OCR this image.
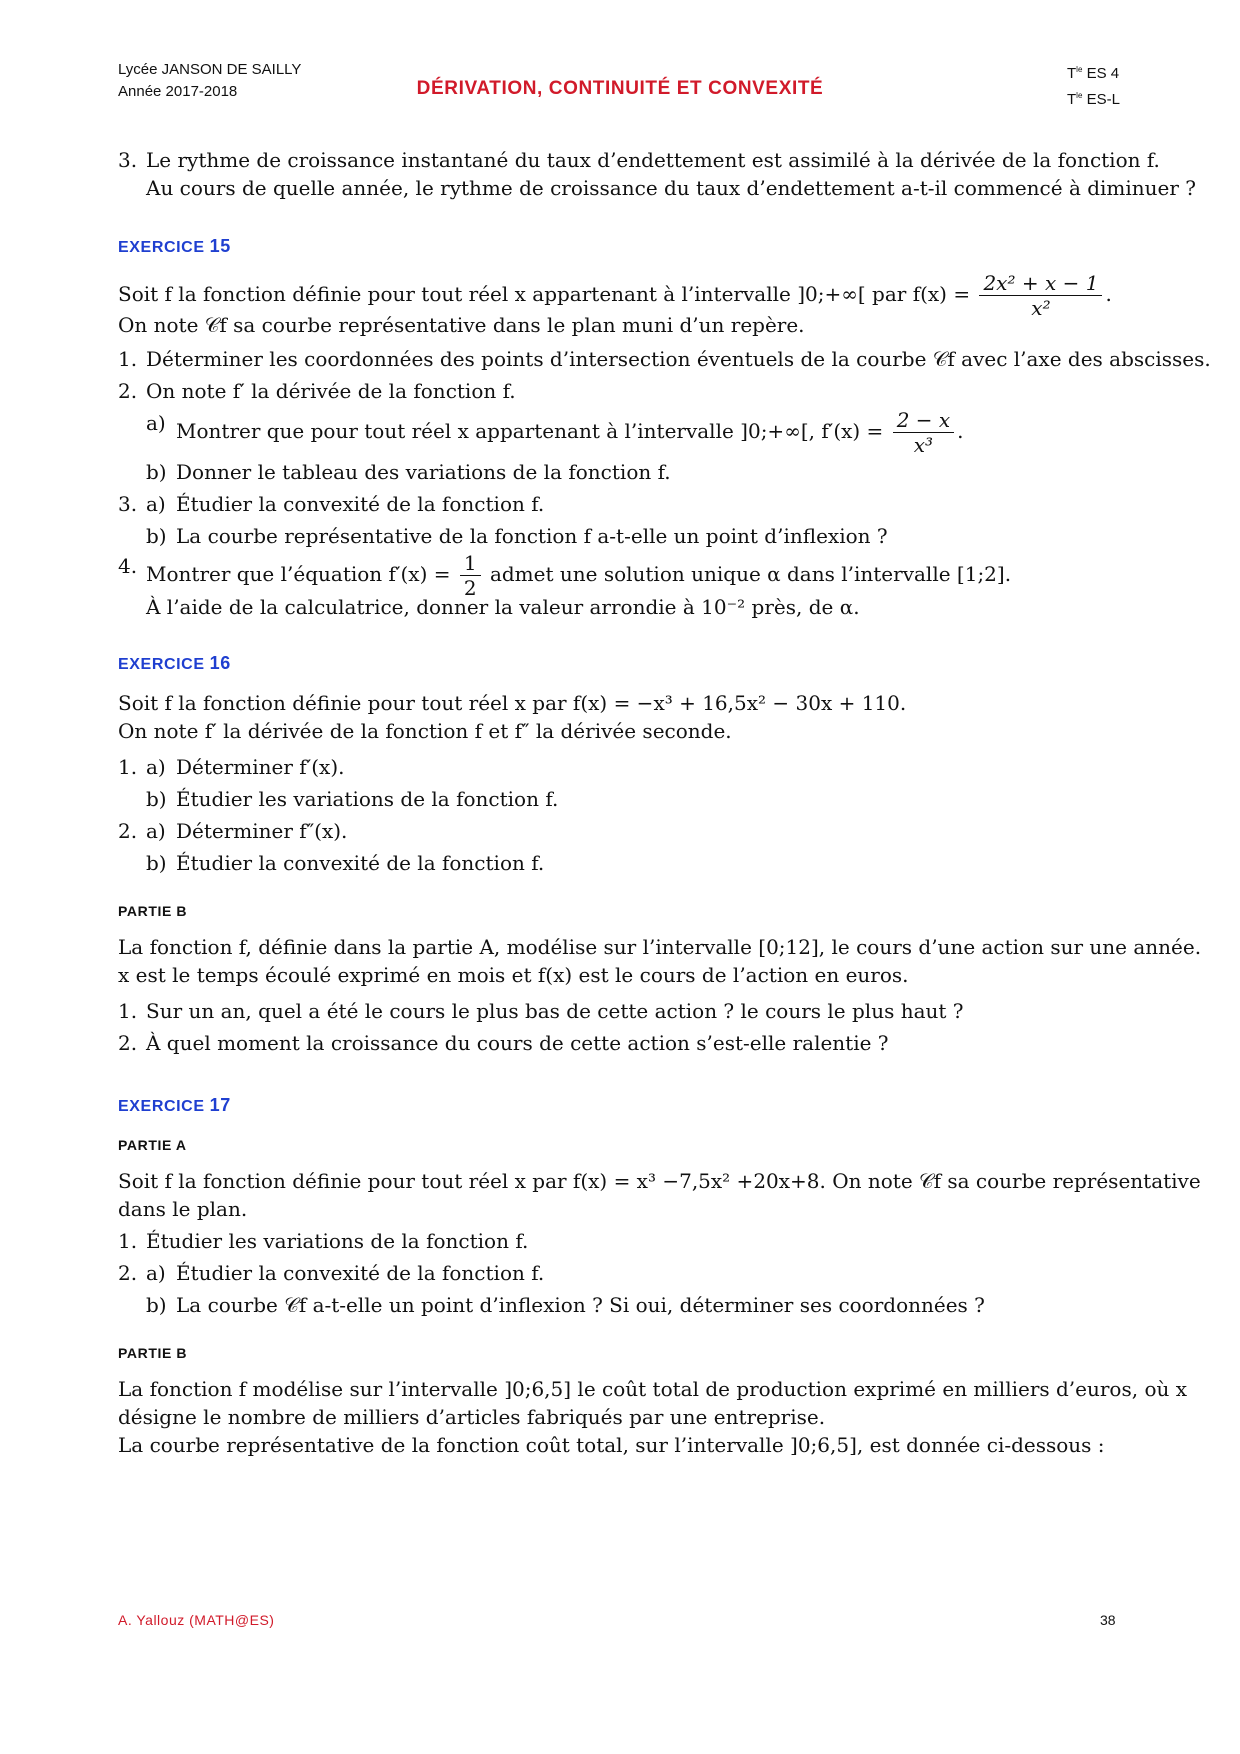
Lycée JANSON DE SAILLY
Année 2017-2018	DÉRIVATION, CONTINUITÉ ET CONVEXITÉ
$T^{le}$ ES 4
$T^{le}$ ES-L
3. Le rythme de croissance instantané du taux d’endettement est assimilé à la dérivée de la fonction f.
Au cours de quelle année, le rythme de croissance du taux d’endettement a-t-il commencé à diminuer ?
EXERCICE 15
Soit f la fonction définie pour tout réel x appartenant à l’intervalle ]0;+∞[ par $f(x) = \frac{\text{2x² + x − 1}}{\text{x²}}$ .
On note 𝒞f sa courbe représentative dans le plan muni d’un repère.
1. Déterminer les coordonnées des points d’intersection éventuels de la courbe 𝒞f avec l’axe des abscisses.
2. On note f′ la dérivée de la fonction f.
a) Montrer que pour tout réel x appartenant à l’intervalle ]0;+∞[, $f'(x) = \frac{2 - x}{\text{x³}}$ .
b) Donner le tableau des variations de la fonction f.
3. a) Étudier la convexité de la fonction f.
b) La courbe représentative de la fonction f a-t-elle un point d’inflexion ?
4. Montrer que l’équation $f'(x) = \frac{1}{2}$ admet une solution unique α dans l’intervalle [1;2].
À l’aide de la calculatrice, donner la valeur arrondie à 10⁻² près, de α.
EXERCICE 16
Soit f la fonction définie pour tout réel x par f(x) = −x³ + 16,5x² − 30x + 110.
On note f′ la dérivée de la fonction f et f″ la dérivée seconde.
1. a) Déterminer f′(x).
b) Étudier les variations de la fonction f.
2. a) Déterminer f″(x).
b) Étudier la convexité de la fonction f.
PARTIE B
La fonction f, définie dans la partie A, modélise sur l’intervalle [0;12], le cours d’une action sur une année.
x est le temps écoulé exprimé en mois et f(x) est le cours de l’action en euros.
1. Sur un an, quel a été le cours le plus bas de cette action ? le cours le plus haut ?
2. À quel moment la croissance du cours de cette action s’est-elle ralentie ?
EXERCICE 17
PARTIE A
Soit f la fonction définie pour tout réel x par f(x) = x³ −7,5x² +20x+8. On note 𝒞f sa courbe représentative
dans le plan.
1. Étudier les variations de la fonction f.
2. a) Étudier la convexité de la fonction f.
b) La courbe 𝒞f a-t-elle un point d’inflexion ? Si oui, déterminer ses coordonnées ?
PARTIE B
La fonction f modélise sur l’intervalle ]0;6,5] le coût total de production exprimé en milliers d’euros, où x
désigne le nombre de milliers d’articles fabriqués par une entreprise.
La courbe représentative de la fonction coût total, sur l’intervalle ]0;6,5], est donnée ci-dessous :
A. Yallouz (MATH@ES)	38
